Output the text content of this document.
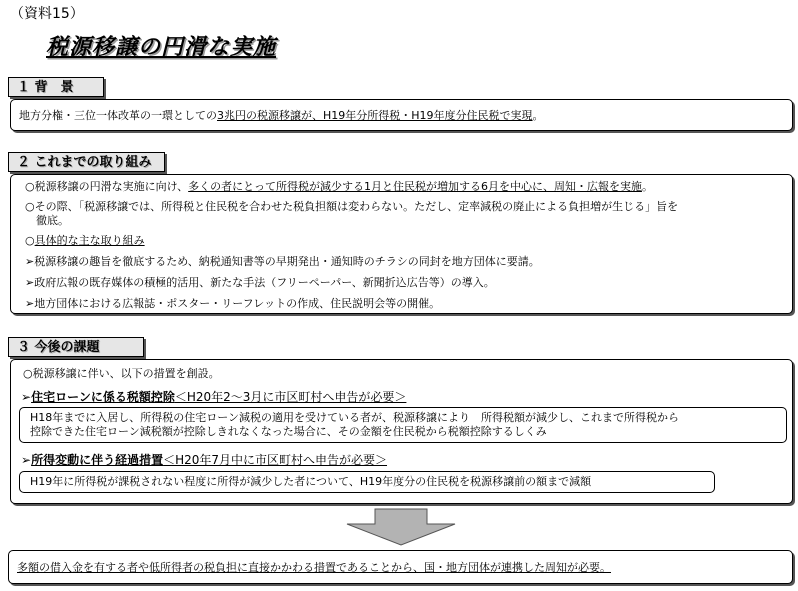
（資料15）
税源移譲の円滑な実施
１ 背　景
地方分権・三位一体改革の一環としての3兆円の税源移譲が、H19年分所得税・H19年度分住民税で実現。
２ これまでの取り組み
○税源移譲の円滑な実施に向け、多くの者にとって所得税が減少する1月と住民税が増加する6月を中心に、周知・広報を実施。
○その際、「税源移譲では、所得税と住民税を合わせた税負担額は変わらない。ただし、定率減税の廃止による負担増が生じる」旨を
　徹底。
○具体的な主な取り組み
➢税源移譲の趣旨を徹底するため、納税通知書等の早期発出・通知時のチラシの同封を地方団体に要請。
➢政府広報の既存媒体の積極的活用、新たな手法（フリーペーパー、新聞折込広告等）の導入。
➢地方団体における広報誌・ポスター・リーフレットの作成、住民説明会等の開催。
３ 今後の課題
○税源移譲に伴い、以下の措置を創設。
➢住宅ローンに係る税額控除＜H20年2～3月に市区町村へ申告が必要＞
H18年までに入居し、所得税の住宅ローン減税の適用を受けている者が、税源移譲により　所得税額が減少し、これまで所得税から
控除できた住宅ローン減税額が控除しきれなくなった場合に、その金額を住民税から税額控除するしくみ
➢所得変動に伴う経過措置＜H20年7月中に市区町村へ申告が必要＞
H19年に所得税が課税されない程度に所得が減少した者について、H19年度分の住民税を税源移譲前の額まで減額
多額の借入金を有する者や低所得者の税負担に直接かかわる措置であることから、国・地方団体が連携した周知が必要。
